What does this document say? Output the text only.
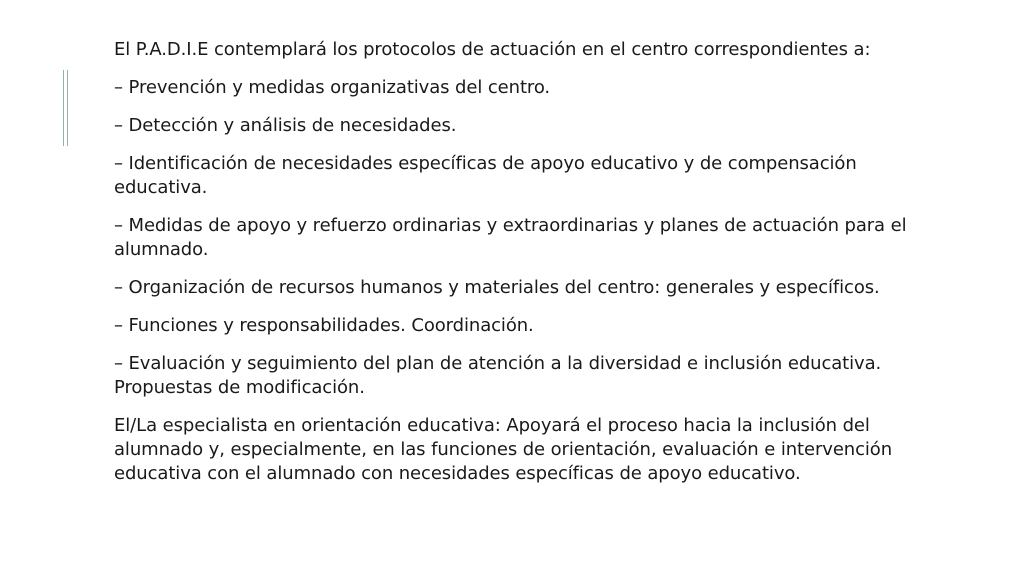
El P.A.D.I.E contemplará los protocolos de actuación en el centro correspondientes a:

– Prevención y medidas organizativas del centro.

– Detección y análisis de necesidades.

– Identificación de necesidades específicas de apoyo educativo y de compensación educativa.

– Medidas de apoyo y refuerzo ordinarias y extraordinarias y planes de actuación para el alumnado.

– Organización de recursos humanos y materiales del centro: generales y específicos.

– Funciones y responsabilidades. Coordinación.

– Evaluación y seguimiento del plan de atención a la diversidad e inclusión educativa. Propuestas de modificación.

El/La especialista en orientación educativa: Apoyará el proceso hacia la inclusión del alumnado y, especialmente, en las funciones de orientación, evaluación e intervención educativa con el alumnado con necesidades específicas de apoyo educativo.
